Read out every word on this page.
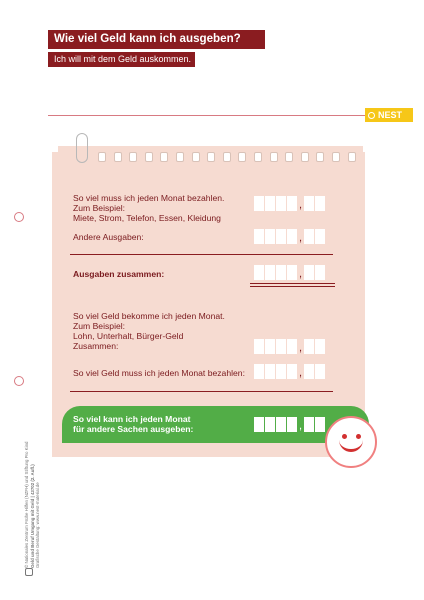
Wie viel Geld kann ich ausgeben?
Ich will mit dem Geld auskommen.
NEST
So viel muss ich jeden Monat bezahlen.
Zum Beispiel:
Miete, Strom, Telefon, Essen, Kleidung
,
Andere Ausgaben:	,
Ausgaben zusammen:	,
So viel Geld bekomme ich jeden Monat.
Zum Beispiel:
Lohn, Unterhalt, Bürger-Geld
Zusammen:	,
So viel Geld muss ich jeden Monat bezahlen:	,
So viel kann ich jeden Monat
für andere Sachen ausgeben:	,
© Nationales Zentrum Frühe Hilfen (NZFH) und Stiftung Pro Kind Geld und Beruf Umgang mit Geld | 43702 (2. Aufl.) Grafische Gestaltung: www.nest-material.de
